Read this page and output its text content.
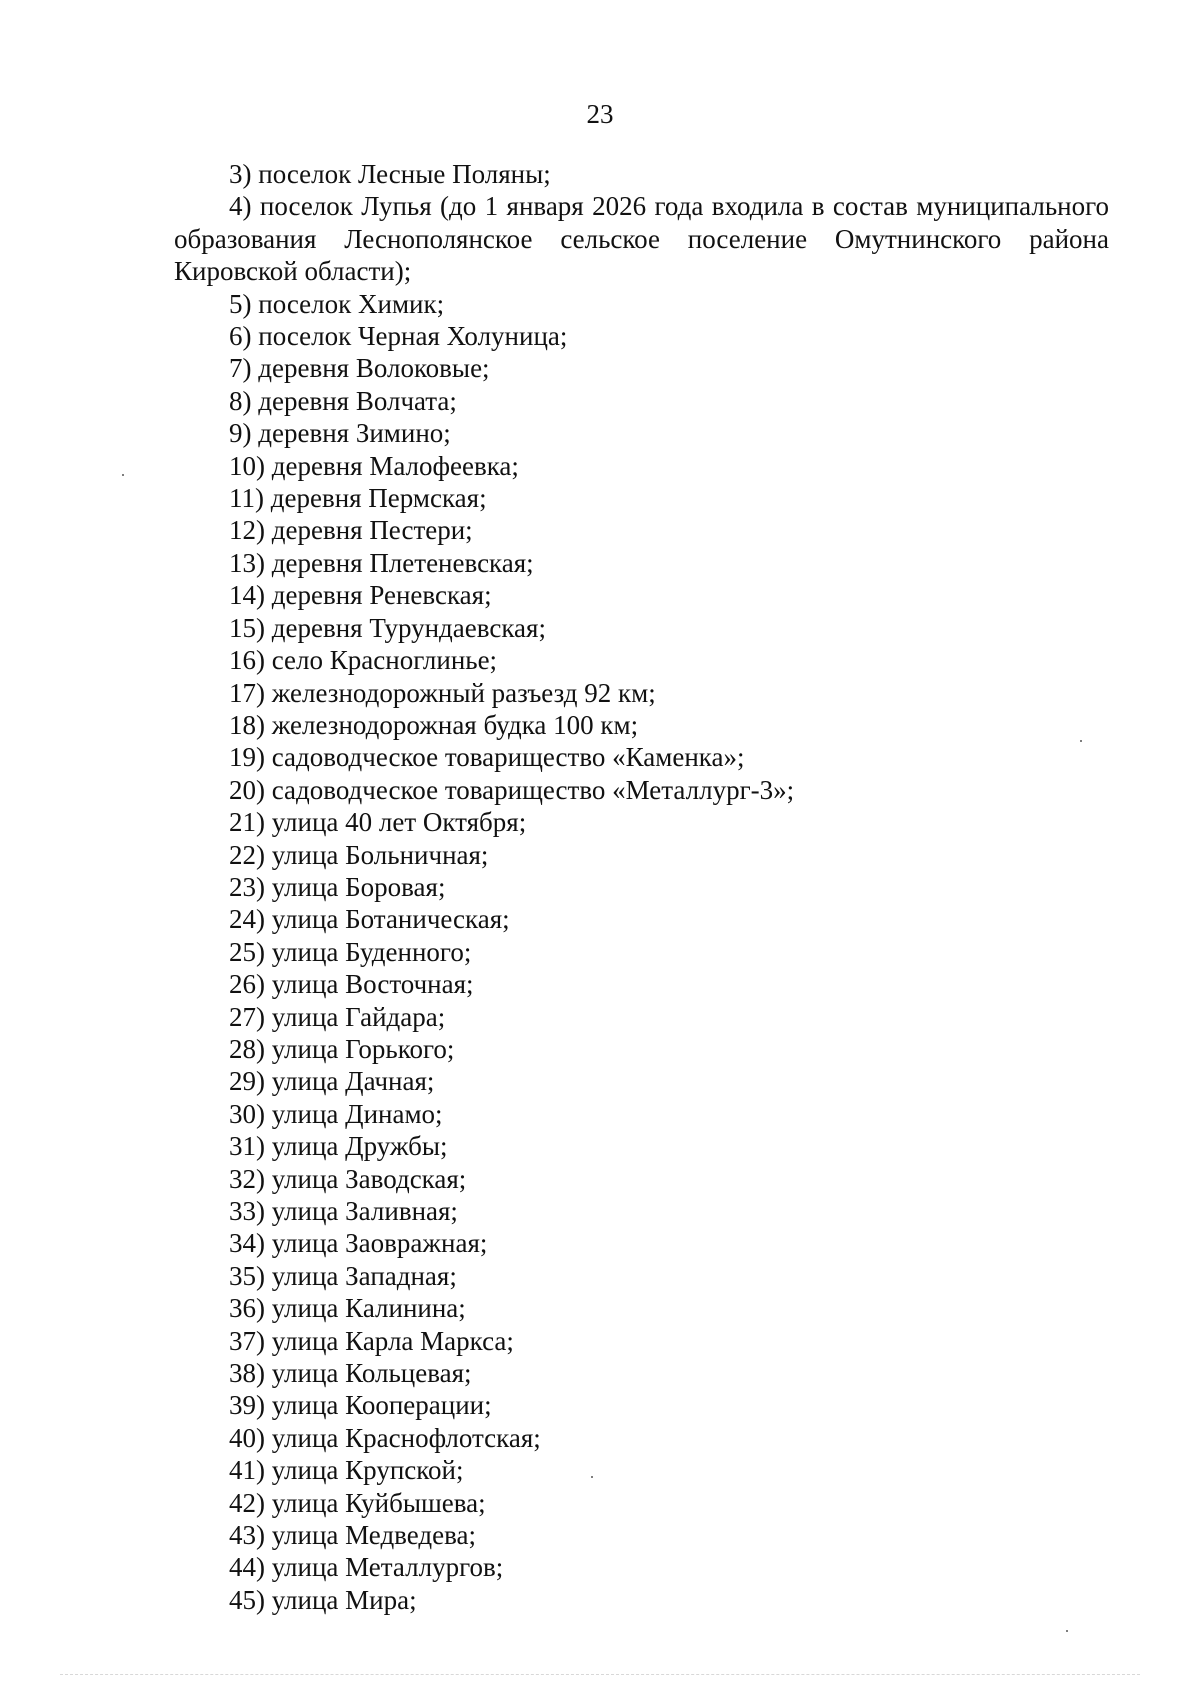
23

3) поселок Лесные Поляны;

4) поселок Лупья (до 1 января 2026 года входила в состав муниципального образования Леснополянское сельское поселение Омутнинского района Кировской области);

5) поселок Химик;

6) поселок Черная Холуница;

7) деревня Волоковые;

8) деревня Волчата;

9) деревня Зимино;

10) деревня Малофеевка;

11) деревня Пермская;

12) деревня Пестери;

13) деревня Плетеневская;

14) деревня Реневская;

15) деревня Турундаевская;

16) село Красноглинье;

17) железнодорожный разъезд 92 км;

18) железнодорожная будка 100 км;

19) садоводческое товарищество «Каменка»;

20) садоводческое товарищество «Металлург-3»;

21) улица 40 лет Октября;

22) улица Больничная;

23) улица Боровая;

24) улица Ботаническая;

25) улица Буденного;

26) улица Восточная;

27) улица Гайдара;

28) улица Горького;

29) улица Дачная;

30) улица Динамо;

31) улица Дружбы;

32) улица Заводская;

33) улица Заливная;

34) улица Заовражная;

35) улица Западная;

36) улица Калинина;

37) улица Карла Маркса;

38) улица Кольцевая;

39) улица Кооперации;

40) улица Краснофлотская;

41) улица Крупской;

42) улица Куйбышева;

43) улица Медведева;

44) улица Металлургов;

45) улица Мира;
